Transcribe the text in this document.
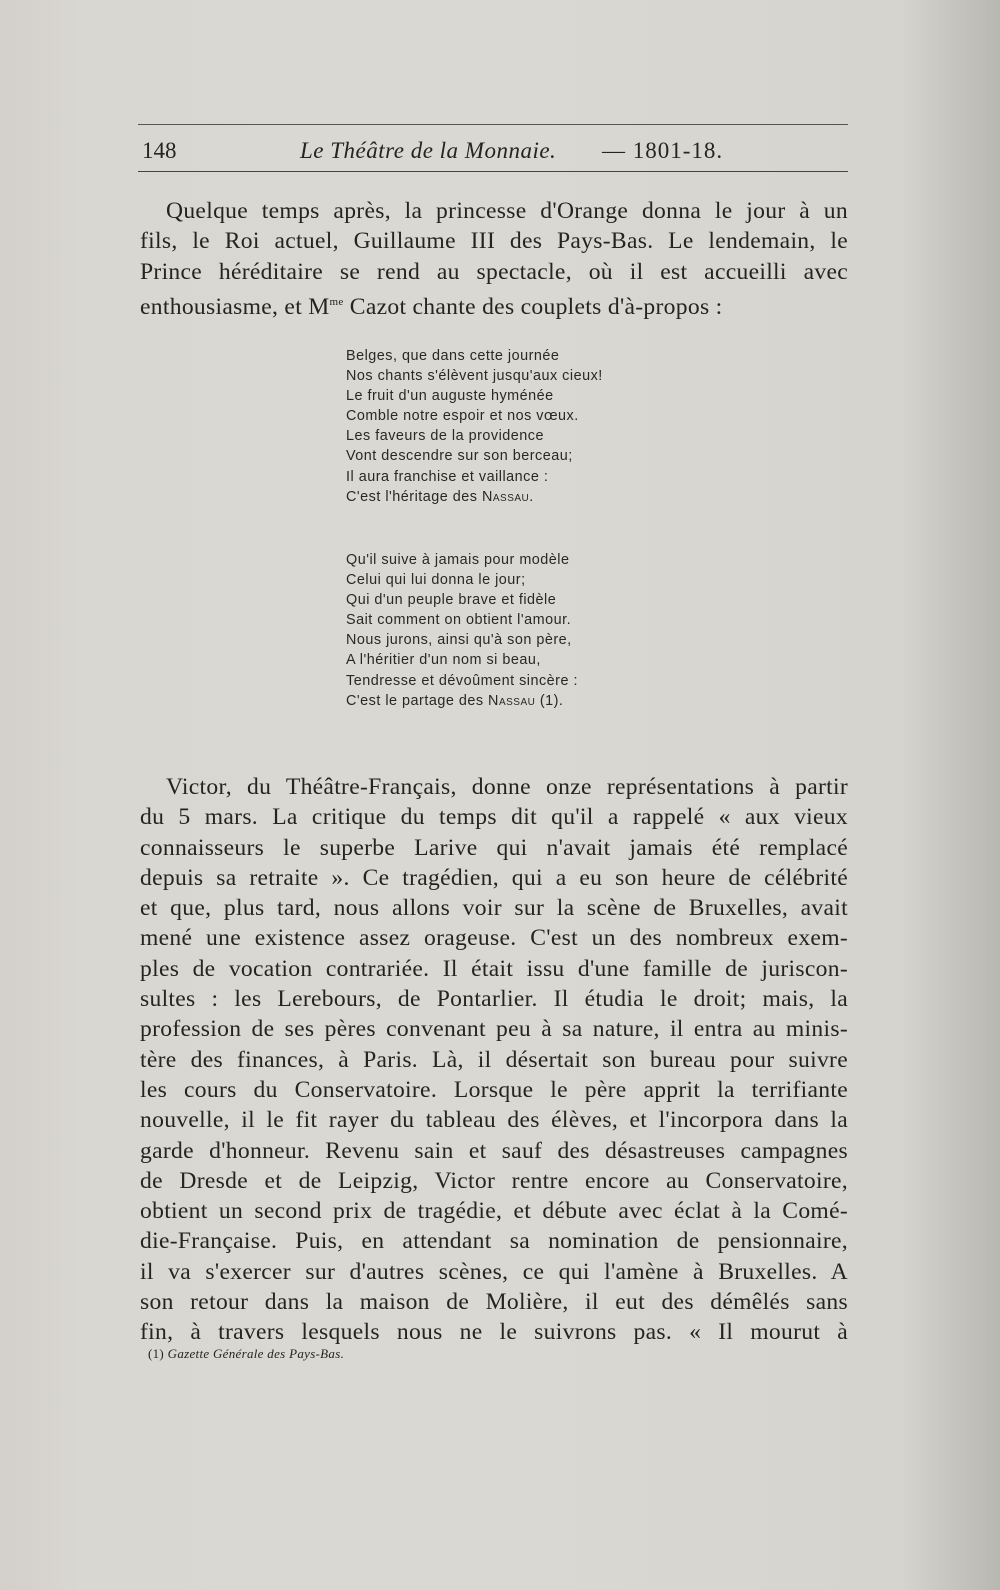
148	Le Théâtre de la Monnaie. — 1801-18.
Quelque temps après, la princesse d'Orange donna le jour à un
fils, le Roi actuel, Guillaume III des Pays-Bas. Le lendemain, le
Prince héréditaire se rend au spectacle, où il est accueilli avec
enthousiasme, et $M^{me}$ Cazot chante des couplets d'à-propos :
Belges, que dans cette journée
Nos chants s'élèvent jusqu'aux cieux!
Le fruit d'un auguste hyménée
Comble notre espoir et nos vœux.
Les faveurs de la providence
Vont descendre sur son berceau;
Il aura franchise et vaillance :
C'est l'héritage des Nassau.
Qu'il suive à jamais pour modèle
Celui qui lui donna le jour;
Qui d'un peuple brave et fidèle
Sait comment on obtient l'amour.
Nous jurons, ainsi qu'à son père,
A l'héritier d'un nom si beau,
Tendresse et dévoûment sincère :
C'est le partage des Nassau (1).
Victor, du Théâtre-Français, donne onze représentations à partir
du 5 mars. La critique du temps dit qu'il a rappelé « aux vieux
connaisseurs le superbe Larive qui n'avait jamais été remplacé
depuis sa retraite ». Ce tragédien, qui a eu son heure de célébrité
et que, plus tard, nous allons voir sur la scène de Bruxelles, avait
mené une existence assez orageuse. C'est un des nombreux exem-
ples de vocation contrariée. Il était issu d'une famille de juriscon-
sultes : les Lerebours, de Pontarlier. Il étudia le droit; mais, la
profession de ses pères convenant peu à sa nature, il entra au minis-
tère des finances, à Paris. Là, il désertait son bureau pour suivre
les cours du Conservatoire. Lorsque le père apprit la terrifiante
nouvelle, il le fit rayer du tableau des élèves, et l'incorpora dans la
garde d'honneur. Revenu sain et sauf des désastreuses campagnes
de Dresde et de Leipzig, Victor rentre encore au Conservatoire,
obtient un second prix de tragédie, et débute avec éclat à la Comé-
die-Française. Puis, en attendant sa nomination de pensionnaire,
il va s'exercer sur d'autres scènes, ce qui l'amène à Bruxelles. A
son retour dans la maison de Molière, il eut des démêlés sans
fin, à travers lesquels nous ne le suivrons pas. « Il mourut à
(1) Gazette Générale des Pays-Bas.
